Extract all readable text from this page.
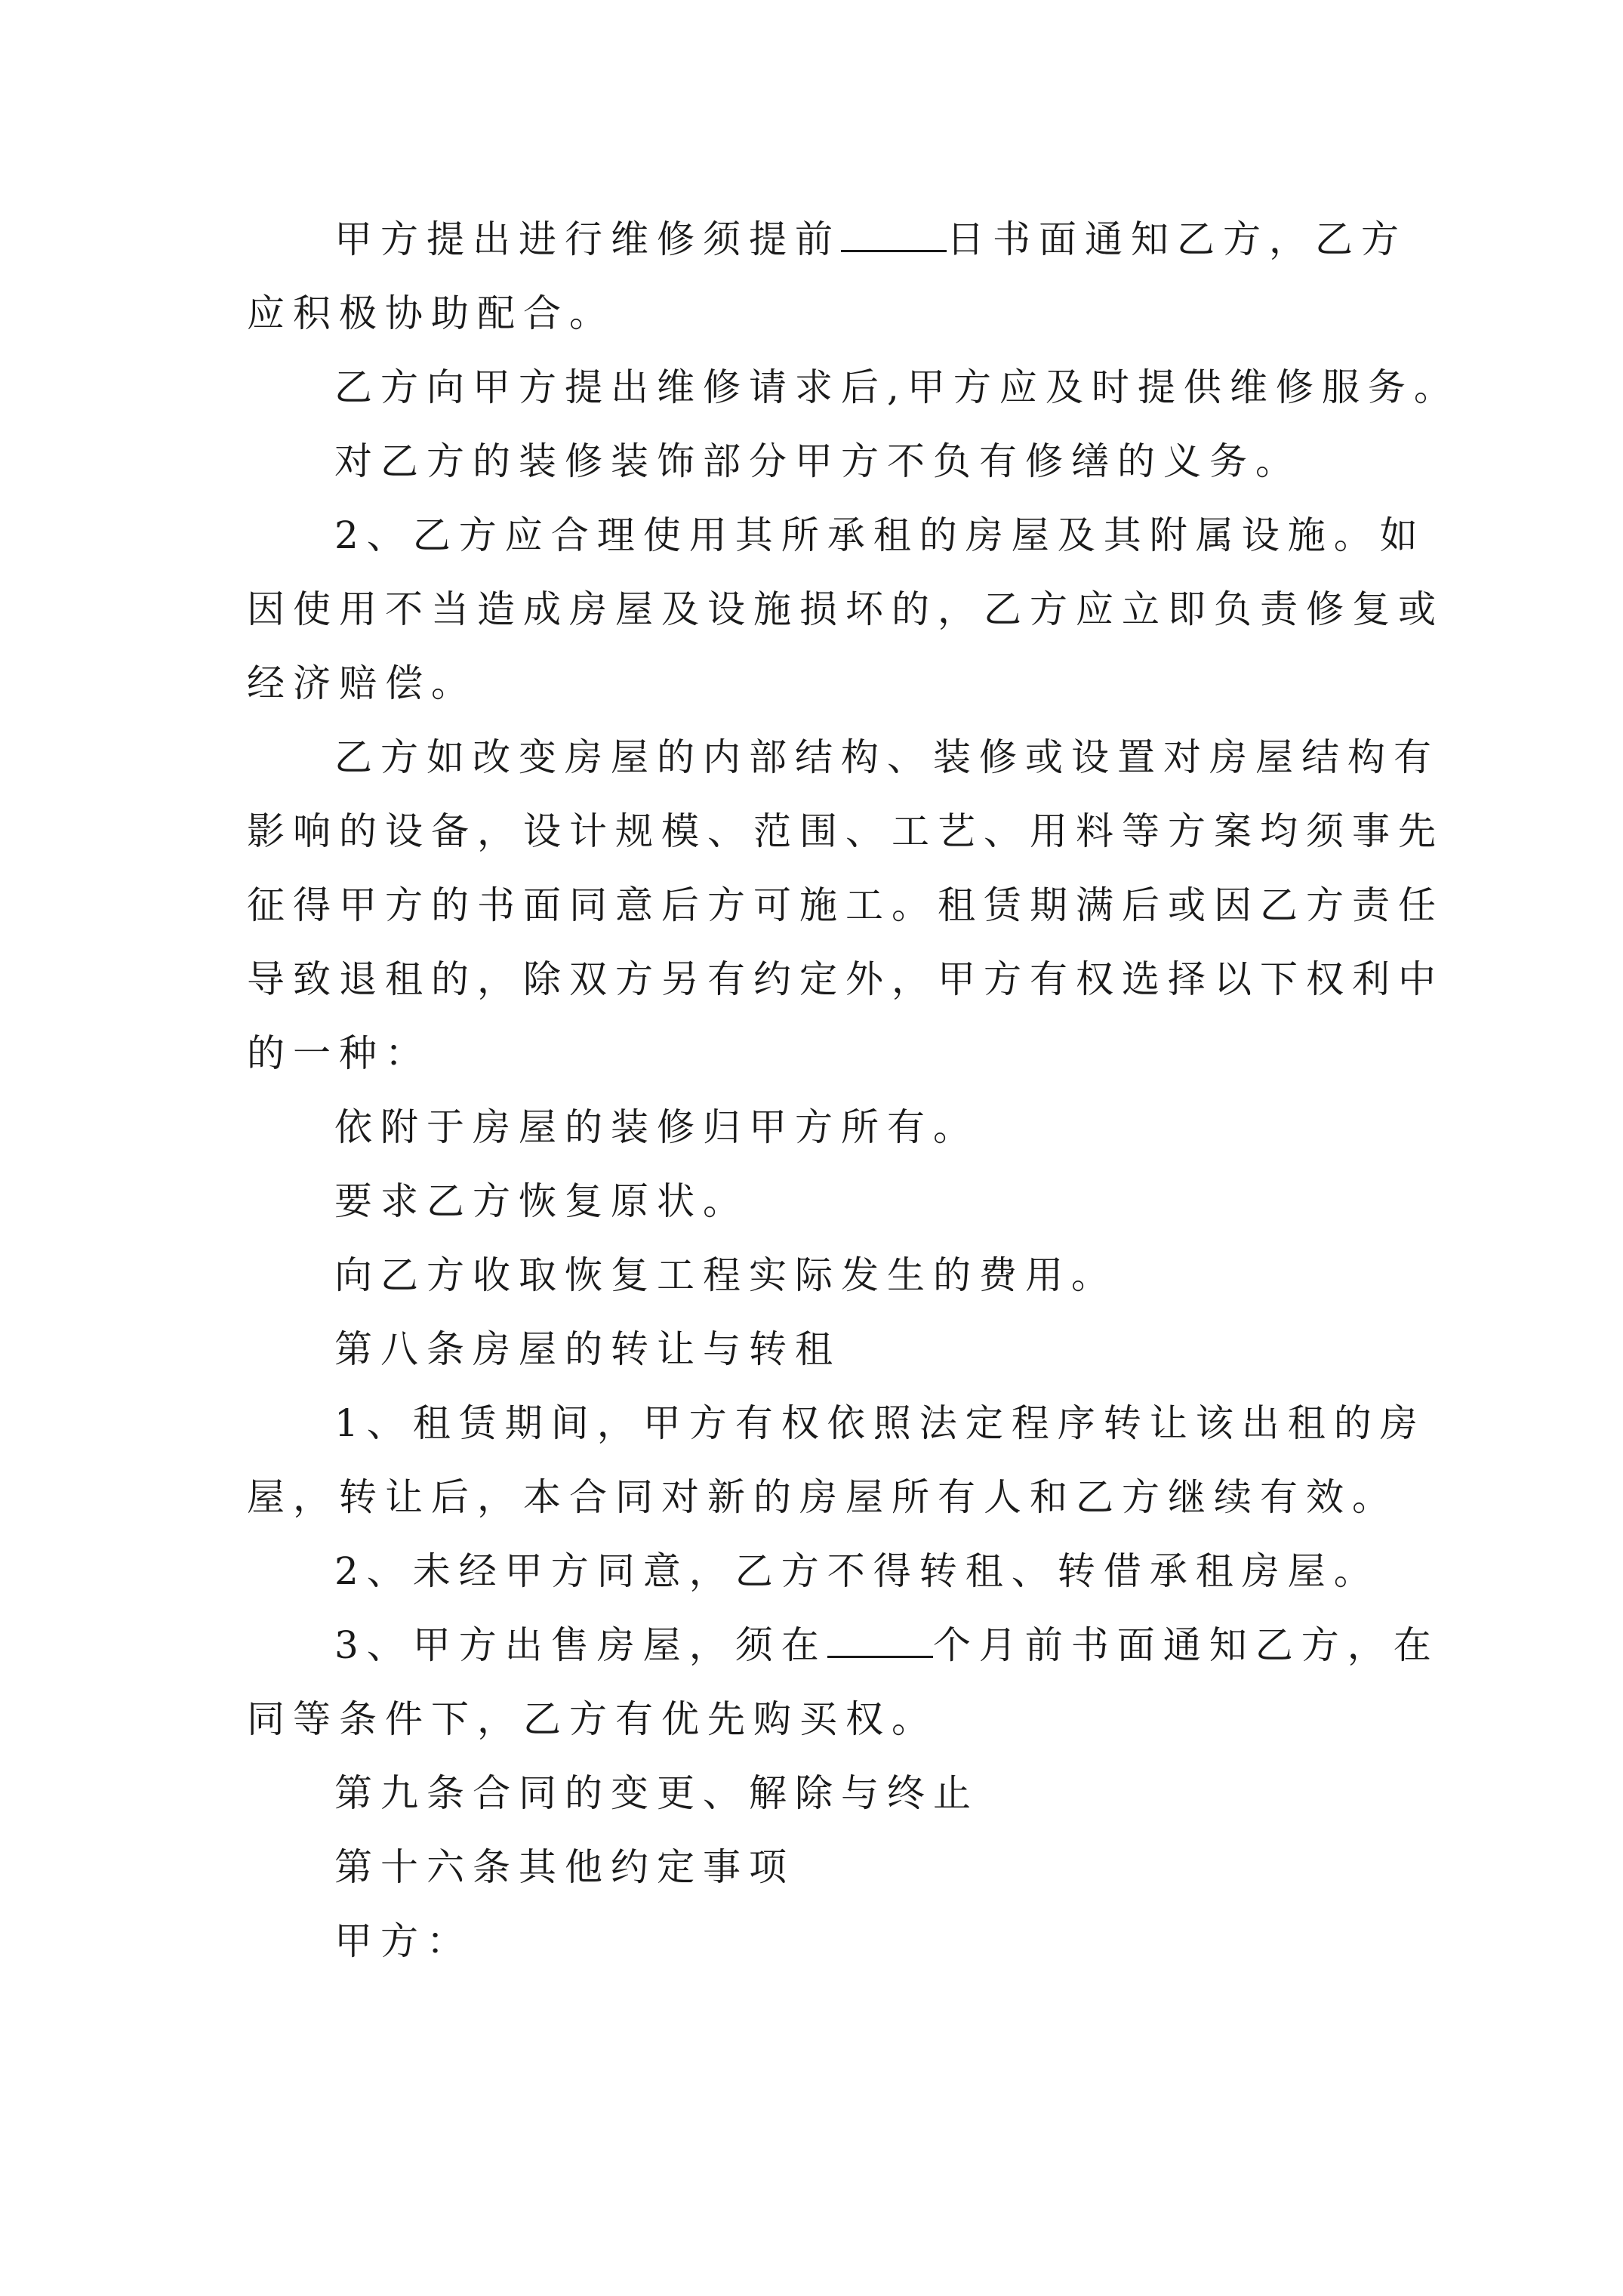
甲方提出进行维修须提前	日书面通知乙方，乙方
应积极协助配合。
乙方向甲方提出维修请求后,甲方应及时提供维修服务。
对乙方的装修装饰部分甲方不负有修缮的义务。
2、乙方应合理使用其所承租的房屋及其附属设施。如
因使用不当造成房屋及设施损坏的，乙方应立即负责修复或
经济赔偿。
乙方如改变房屋的内部结构、装修或设置对房屋结构有
影响的设备，设计规模、范围、工艺、用料等方案均须事先
征得甲方的书面同意后方可施工。租赁期满后或因乙方责任
导致退租的，除双方另有约定外，甲方有权选择以下权利中
的一种：
依附于房屋的装修归甲方所有。
要求乙方恢复原状。
向乙方收取恢复工程实际发生的费用。
第八条房屋的转让与转租
1、租赁期间，甲方有权依照法定程序转让该出租的房
屋，转让后，本合同对新的房屋所有人和乙方继续有效。
2、未经甲方同意，乙方不得转租、转借承租房屋。
3、甲方出售房屋，须在	个月前书面通知乙方，在
同等条件下，乙方有优先购买权。
第九条合同的变更、解除与终止
第十六条其他约定事项
甲方：
